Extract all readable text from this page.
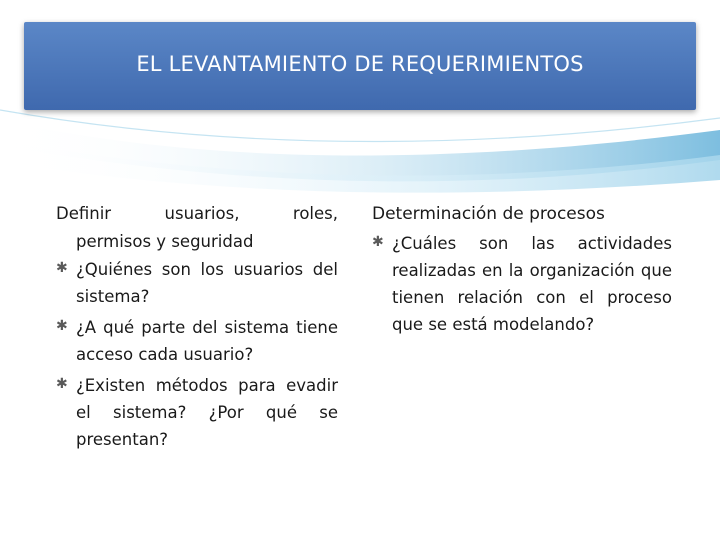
EL LEVANTAMIENTO DE REQUERIMIENTOS

Definir usuarios, roles,
permisos y seguridad

✱ ¿Quiénes son los usuarios del sistema?
✱ ¿A qué parte del sistema tiene acceso cada usuario?
✱ ¿Existen métodos para evadir el sistema? ¿Por qué se presentan?

Determinación de procesos

✱ ¿Cuáles son las actividades realizadas en la organización que tienen relación con el proceso que se está modelando?
